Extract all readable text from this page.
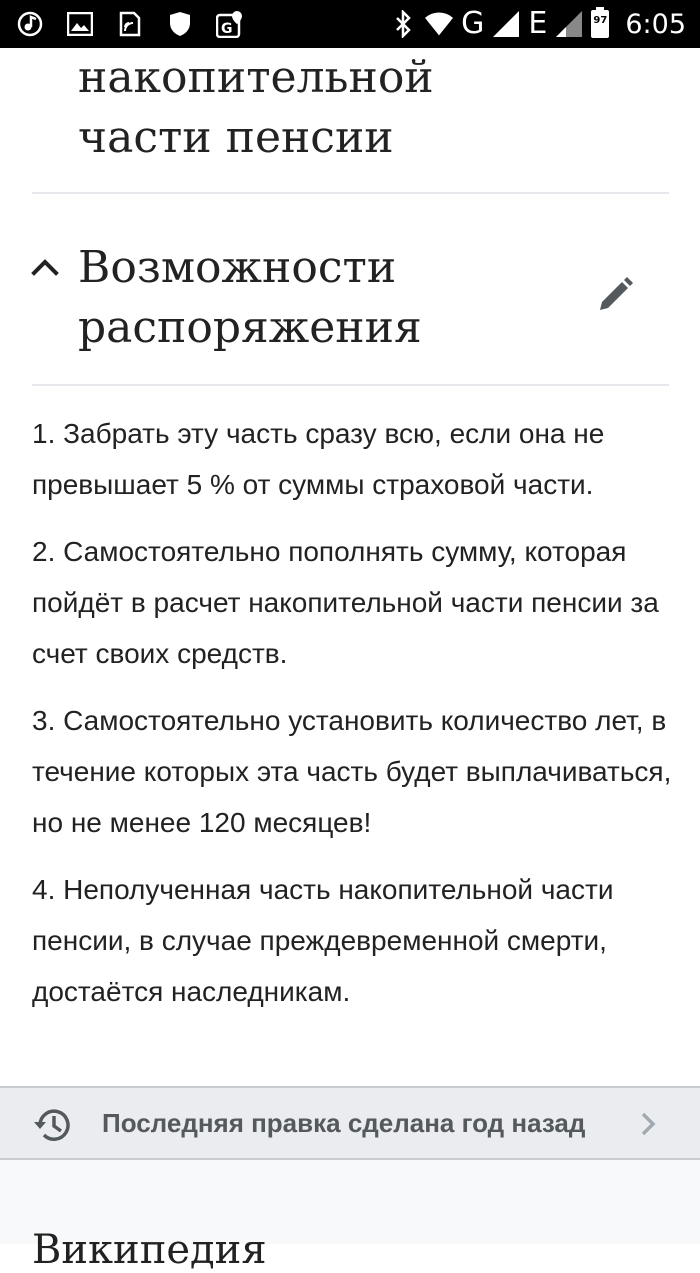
G	G E	97 6:05
накопительной
части пенсии
Возможности
распоряжения

1. Забрать эту часть сразу всю, если она не превышает 5 % от суммы страховой части.

2. Самостоятельно пополнять сумму, которая пойдёт в расчет накопительной части пенсии за счет своих средств.

3. Самостоятельно установить количество лет, в течение которых эта часть будет выплачиваться, но не менее 120 месяцев!

4. Неполученная часть накопительной части пенсии, в случае преждевременной смерти, достаётся наследникам.

Последняя правка сделана год назад
Википедия
